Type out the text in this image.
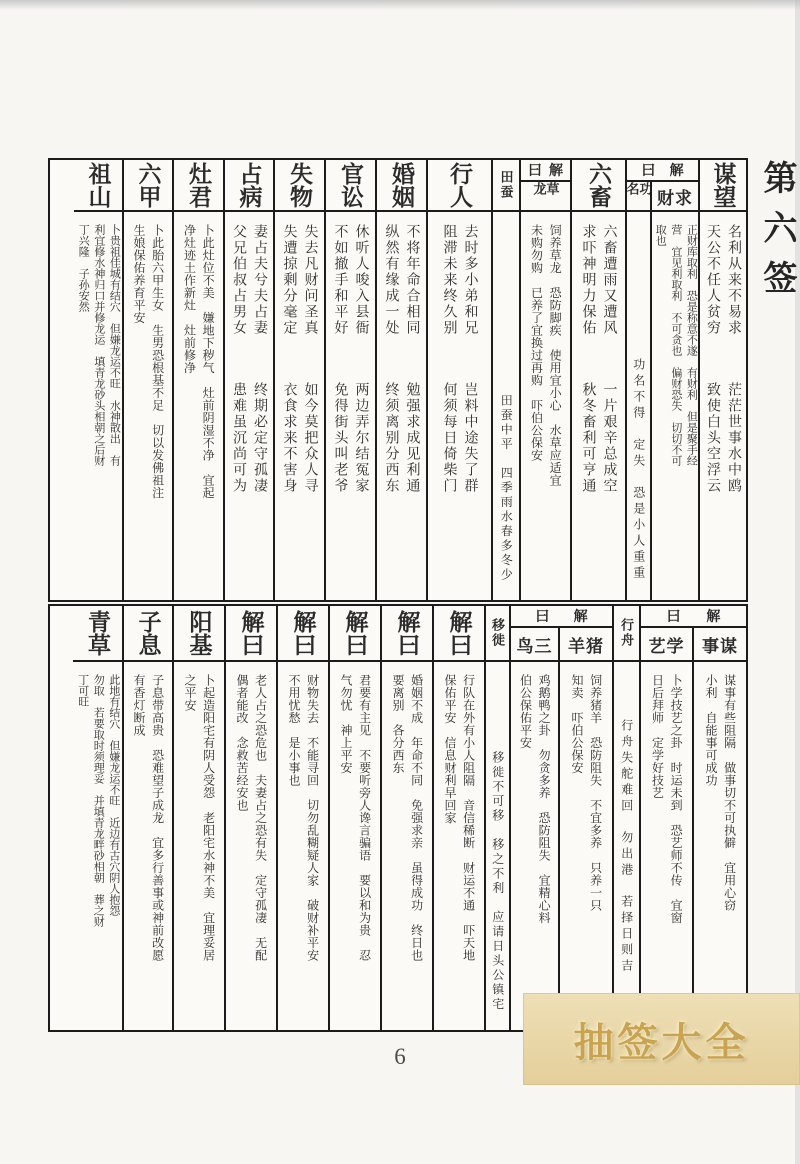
第六签
谋望
名利从来不易求
天公不任人贫穷
茫茫世事水中鸥
致使白头空浮云
曰 解
财 求
正财库取利　恐是称意不遂　有财利　但是聚手经
营　宜见利取利　不可贪也　偏财恐失　切切不可
取也
功名
功名不得　定失　恐是小人重重
六畜
六畜遭雨又遭风
求吓神明力保佑
一片艰辛总成空
秋冬畜利可亨通
曰 解
草龙
饲养草龙　恐防脚疾　使用宜小心　水草应适宜
未购勿购　已养了宜换过再购　吓伯公保安
田蚕
田蚕中平　四季雨水春多冬少
行人
去时多小弟和兄
阻滞未来终久别
岂料中途失了群
何须每日倚柴门
婚姻
不将年命合相同
纵然有缘成一处
勉强求成见利通
终须离别分西东
官讼
休听人唆入县衙
不如撤手和平好
两边弄尔结冤家
免得街头叫老爷
失物
失去凡财问圣真
失遭掠剩分毫定
如今莫把众人寻
衣食求来不害身
占病
妻占夫兮夫占妻
父兄伯叔占男女
终期必定守孤凄
患难虽沉尚可为
灶君
卜此灶位不美　嫌地下秽气　灶前阴湿不净　宜起
净灶迹土作新灶　灶前修净
六甲
卜此胎六甲生女　生男恐根基不足　切以发佛祖注
生娘保佑养育平安
祖山
卜贵祖佳城有结穴　但嫌龙运不旺　水神散出　有
利宜修水神归口并修龙运　填青龙砂头相朝之后财
丁兴隆　子孙安然
曰 解
事 谋
谋事有些阻隔　做事切不可执僻　宜用心窃
小利　自能事可成功
艺 学
卜学技艺之卦　时运未到　恐艺师不传　宜窗
日后拜师　定学好技艺
行舟
行舟失舵难回　勿出港　若择日则吉
曰 解
羊 猪
饲养猪羊　恐防阻失　不宜多养　只养一只
知卖　吓伯公保安
鸟 三
鸡鹅鸭之卦　勿贪多养　恐防阻失　宜精心料
伯公保佑平安
移徙
移徙不可移　移之不利　应请日头公镇宅
解曰
行队在外有小人阻隔　音信稀断　财运不通　吓天地
保佑平安　信息财利早回家
解曰
婚姻不成　年命不同　免强求亲　虽得成功　终日也
要离别　各分西东
解曰
君要有主见　不要听旁人谗言骗语　要以和为贵　忍
气勿忧　神上平安
解曰
财物失去　不能寻回　切勿乱糊疑人家　破财补平安
不用忧愁　是小事也
解曰
老人占之恐危也　夫妻占之恐有失　定守孤凄　无配
偶者能改　念救苦经安也
阳基
卜起造阳宅有阴人受怨　老阳宅水神不美　宜理妥居
之平安
子息
子息带高贵　恐难望子成龙　宜多行善事或神前改愿
有香灯断成
青草
此地有结穴　但嫌龙运不旺　近边有古穴阴人抱怨
勿取　若要取时须理妥　并填青龙畔砂相朝　葬之财
丁可旺
6	抽签大全
